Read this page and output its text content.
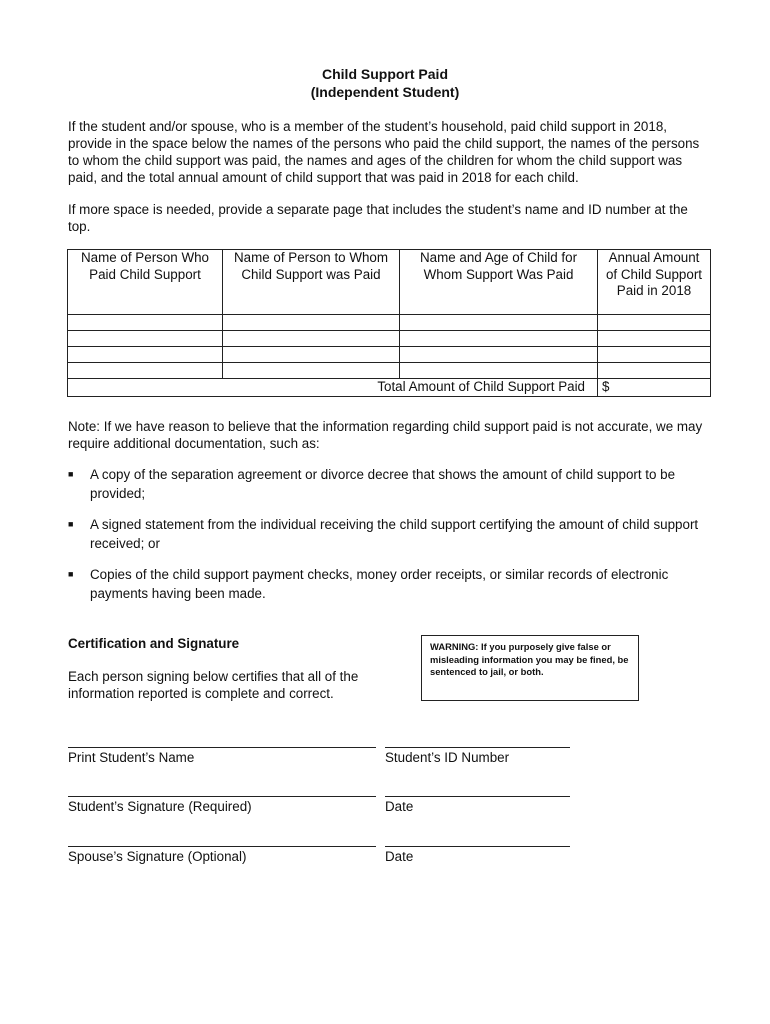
Child Support Paid
(Independent Student)

If the student and/or spouse, who is a member of the student’s household, paid child support in 2018, provide in the space below the names of the persons who paid the child support, the names of the persons to whom the child support was paid, the names and ages of the children for whom the child support was paid, and the total annual amount of child support that was paid in 2018 for each child.

If more space is needed, provide a separate page that includes the student’s name and ID number at the top.

Name of Person Who Paid Child Support	Name of Person to Whom Child Support was Paid	Name and Age of Child for Whom Support Was Paid	Annual Amount of Child Support Paid in 2018

Total Amount of Child Support Paid			$

Note: If we have reason to believe that the information regarding child support paid is not accurate, we may require additional documentation, such as:

■ A copy of the separation agreement or divorce decree that shows the amount of child support to be provided;
■ A signed statement from the individual receiving the child support certifying the amount of child support received; or
■ Copies of the child support payment checks, money order receipts, or similar records of electronic payments having been made.
Certification and Signature

Each person signing below certifies that all of the information reported is complete and correct.

WARNING: If you purposely give false or misleading information you may be fined, be sentenced to jail, or both.
Print Student’s Name	Student’s ID Number
Student’s Signature (Required)	Date
Spouse’s Signature (Optional)	Date
